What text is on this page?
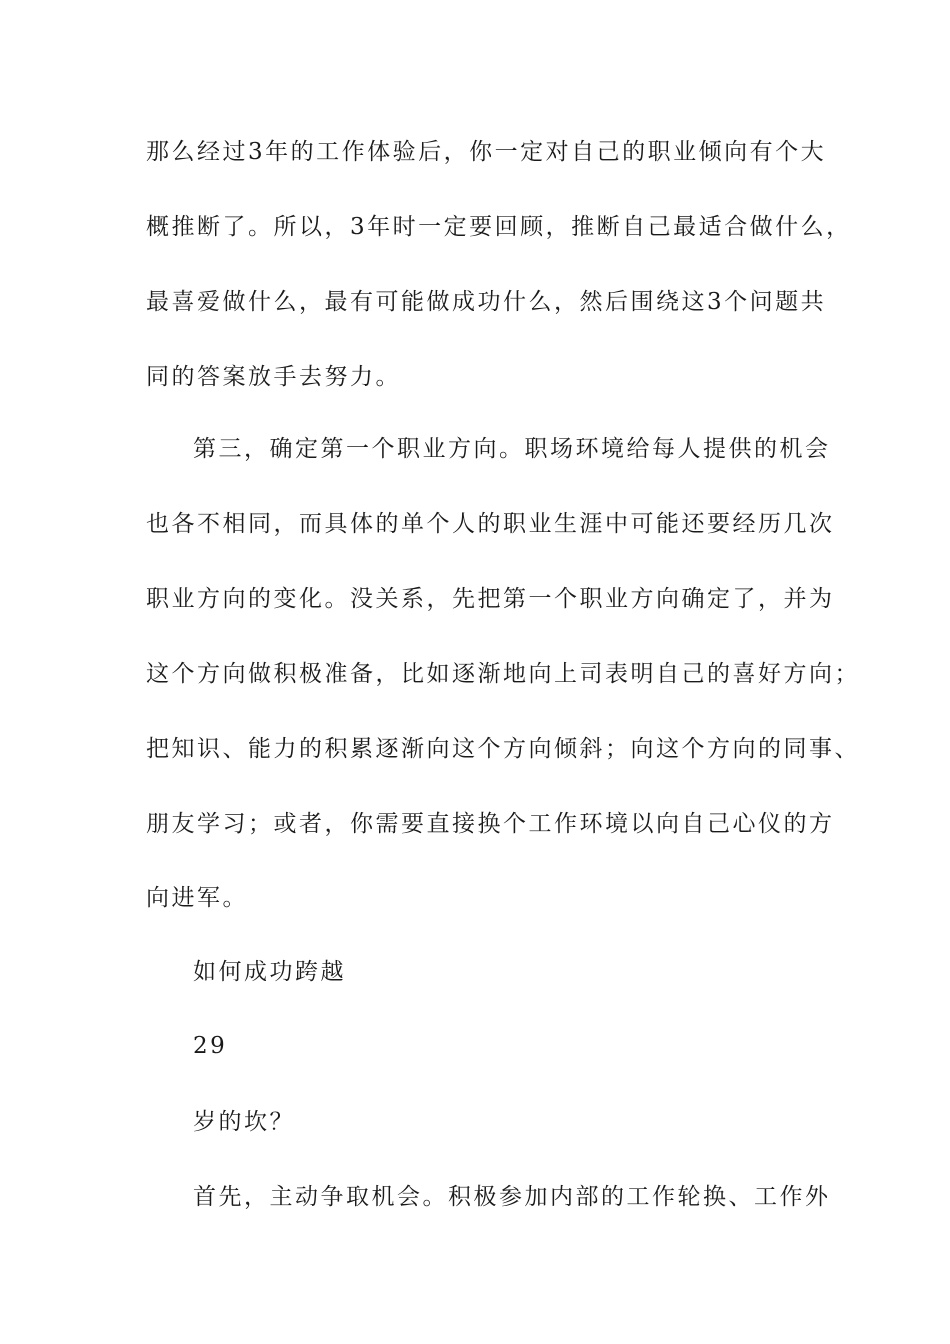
那么经过3年的工作体验后，你一定对自己的职业倾向有个大
概推断了。所以，3年时一定要回顾，推断自己最适合做什么，
最喜爱做什么，最有可能做成功什么，然后围绕这3个问题共
同的答案放手去努力。
第三，确定第一个职业方向。职场环境给每人提供的机会
也各不相同，而具体的单个人的职业生涯中可能还要经历几次
职业方向的变化。没关系，先把第一个职业方向确定了，并为
这个方向做积极准备，比如逐渐地向上司表明自己的喜好方向；
把知识、能力的积累逐渐向这个方向倾斜；向这个方向的同事、
朋友学习；或者，你需要直接换个工作环境以向自己心仪的方
向进军。
如何成功跨越
29
岁的坎？
首先，主动争取机会。积极参加内部的工作轮换、工作外
